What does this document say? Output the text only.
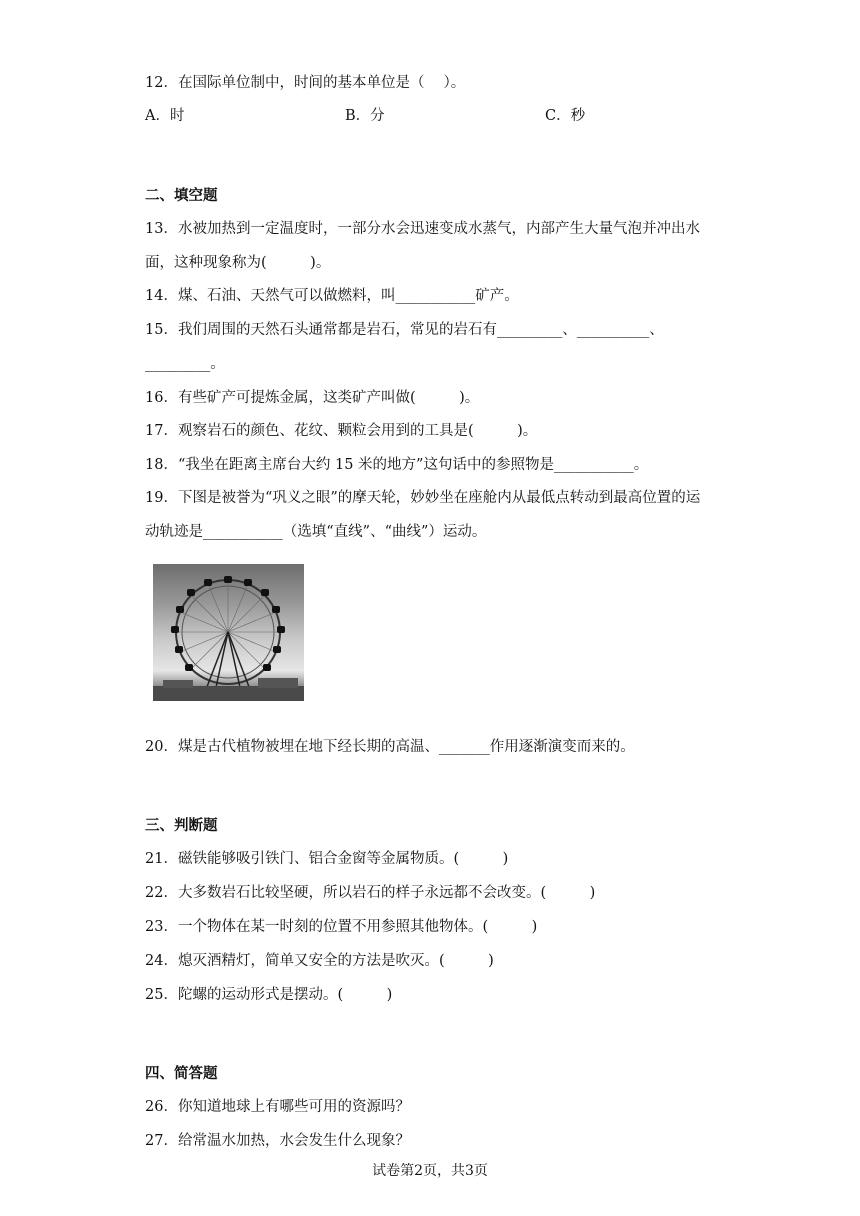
12．在国际单位制中，时间的基本单位是（　 ）。
A．时	B．分	C．秒
二、填空题
13．水被加热到一定温度时，一部分水会迅速变成水蒸气，内部产生大量气泡并冲出水
面，这种现象称为(　　　)。
14．煤、石油、天然气可以做燃料，叫___________矿产。
15．我们周围的天然石头通常都是岩石，常见的岩石有_________、__________、
_________。
16．有些矿产可提炼金属，这类矿产叫做(　　　)。
17．观察岩石的颜色、花纹、颗粒会用到的工具是(　　　)。
18．“我坐在距离主席台大约 15 米的地方”这句话中的参照物是___________。
19．下图是被誉为“巩义之眼”的摩天轮，妙妙坐在座舱内从最低点转动到最高位置的运
动轨迹是___________（选填“直线”、“曲线”）运动。
20．煤是古代植物被埋在地下经长期的高温、_______作用逐渐演变而来的。
三、判断题
21．磁铁能够吸引铁门、铝合金窗等金属物质。(　　　)
22．大多数岩石比较坚硬，所以岩石的样子永远都不会改变。(　　　)
23．一个物体在某一时刻的位置不用参照其他物体。(　　　)
24．熄灭酒精灯，简单又安全的方法是吹灭。(　　　)
25．陀螺的运动形式是摆动。(　　　)
四、简答题
26．你知道地球上有哪些可用的资源吗？
27．给常温水加热，水会发生什么现象？
试卷第2页，共3页
